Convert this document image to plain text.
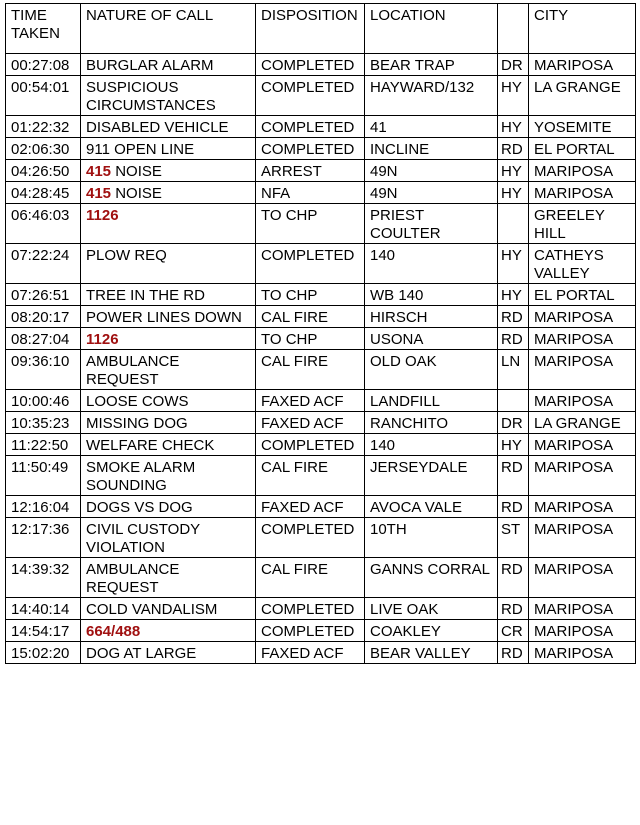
TIME TAKEN	NATURE OF CALL	DISPOSITION	LOCATION		CITY
00:27:08	BURGLAR ALARM	COMPLETED	BEAR TRAP	DR	MARIPOSA
00:54:01	SUSPICIOUS CIRCUMSTANCES	COMPLETED	HAYWARD/132	HY	LA GRANGE
01:22:32	DISABLED VEHICLE	COMPLETED	41	HY	YOSEMITE
02:06:30	911 OPEN LINE	COMPLETED	INCLINE	RD	EL PORTAL
04:26:50	415 NOISE	ARREST	49N	HY	MARIPOSA
04:28:45	415 NOISE	NFA	49N	HY	MARIPOSA
06:46:03	1126	TO CHP	PRIEST COULTER		GREELEY HILL
07:22:24	PLOW REQ	COMPLETED	140	HY	CATHEYS VALLEY
07:26:51	TREE IN THE RD	TO CHP	WB 140	HY	EL PORTAL
08:20:17	POWER LINES DOWN	CAL FIRE	HIRSCH	RD	MARIPOSA
08:27:04	1126	TO CHP	USONA	RD	MARIPOSA
09:36:10	AMBULANCE REQUEST	CAL FIRE	OLD OAK	LN	MARIPOSA
10:00:46	LOOSE COWS	FAXED ACF	LANDFILL		MARIPOSA
10:35:23	MISSING DOG	FAXED ACF	RANCHITO	DR	LA GRANGE
11:22:50	WELFARE CHECK	COMPLETED	140	HY	MARIPOSA
11:50:49	SMOKE ALARM SOUNDING	CAL FIRE	JERSEYDALE	RD	MARIPOSA
12:16:04	DOGS VS DOG	FAXED ACF	AVOCA VALE	RD	MARIPOSA
12:17:36	CIVIL CUSTODY VIOLATION	COMPLETED	10TH	ST	MARIPOSA
14:39:32	AMBULANCE REQUEST	CAL FIRE	GANNS CORRAL	RD	MARIPOSA
14:40:14	COLD VANDALISM	COMPLETED	LIVE OAK	RD	MARIPOSA
14:54:17	664/488	COMPLETED	COAKLEY	CR	MARIPOSA
15:02:20	DOG AT LARGE	FAXED ACF	BEAR VALLEY	RD	MARIPOSA
